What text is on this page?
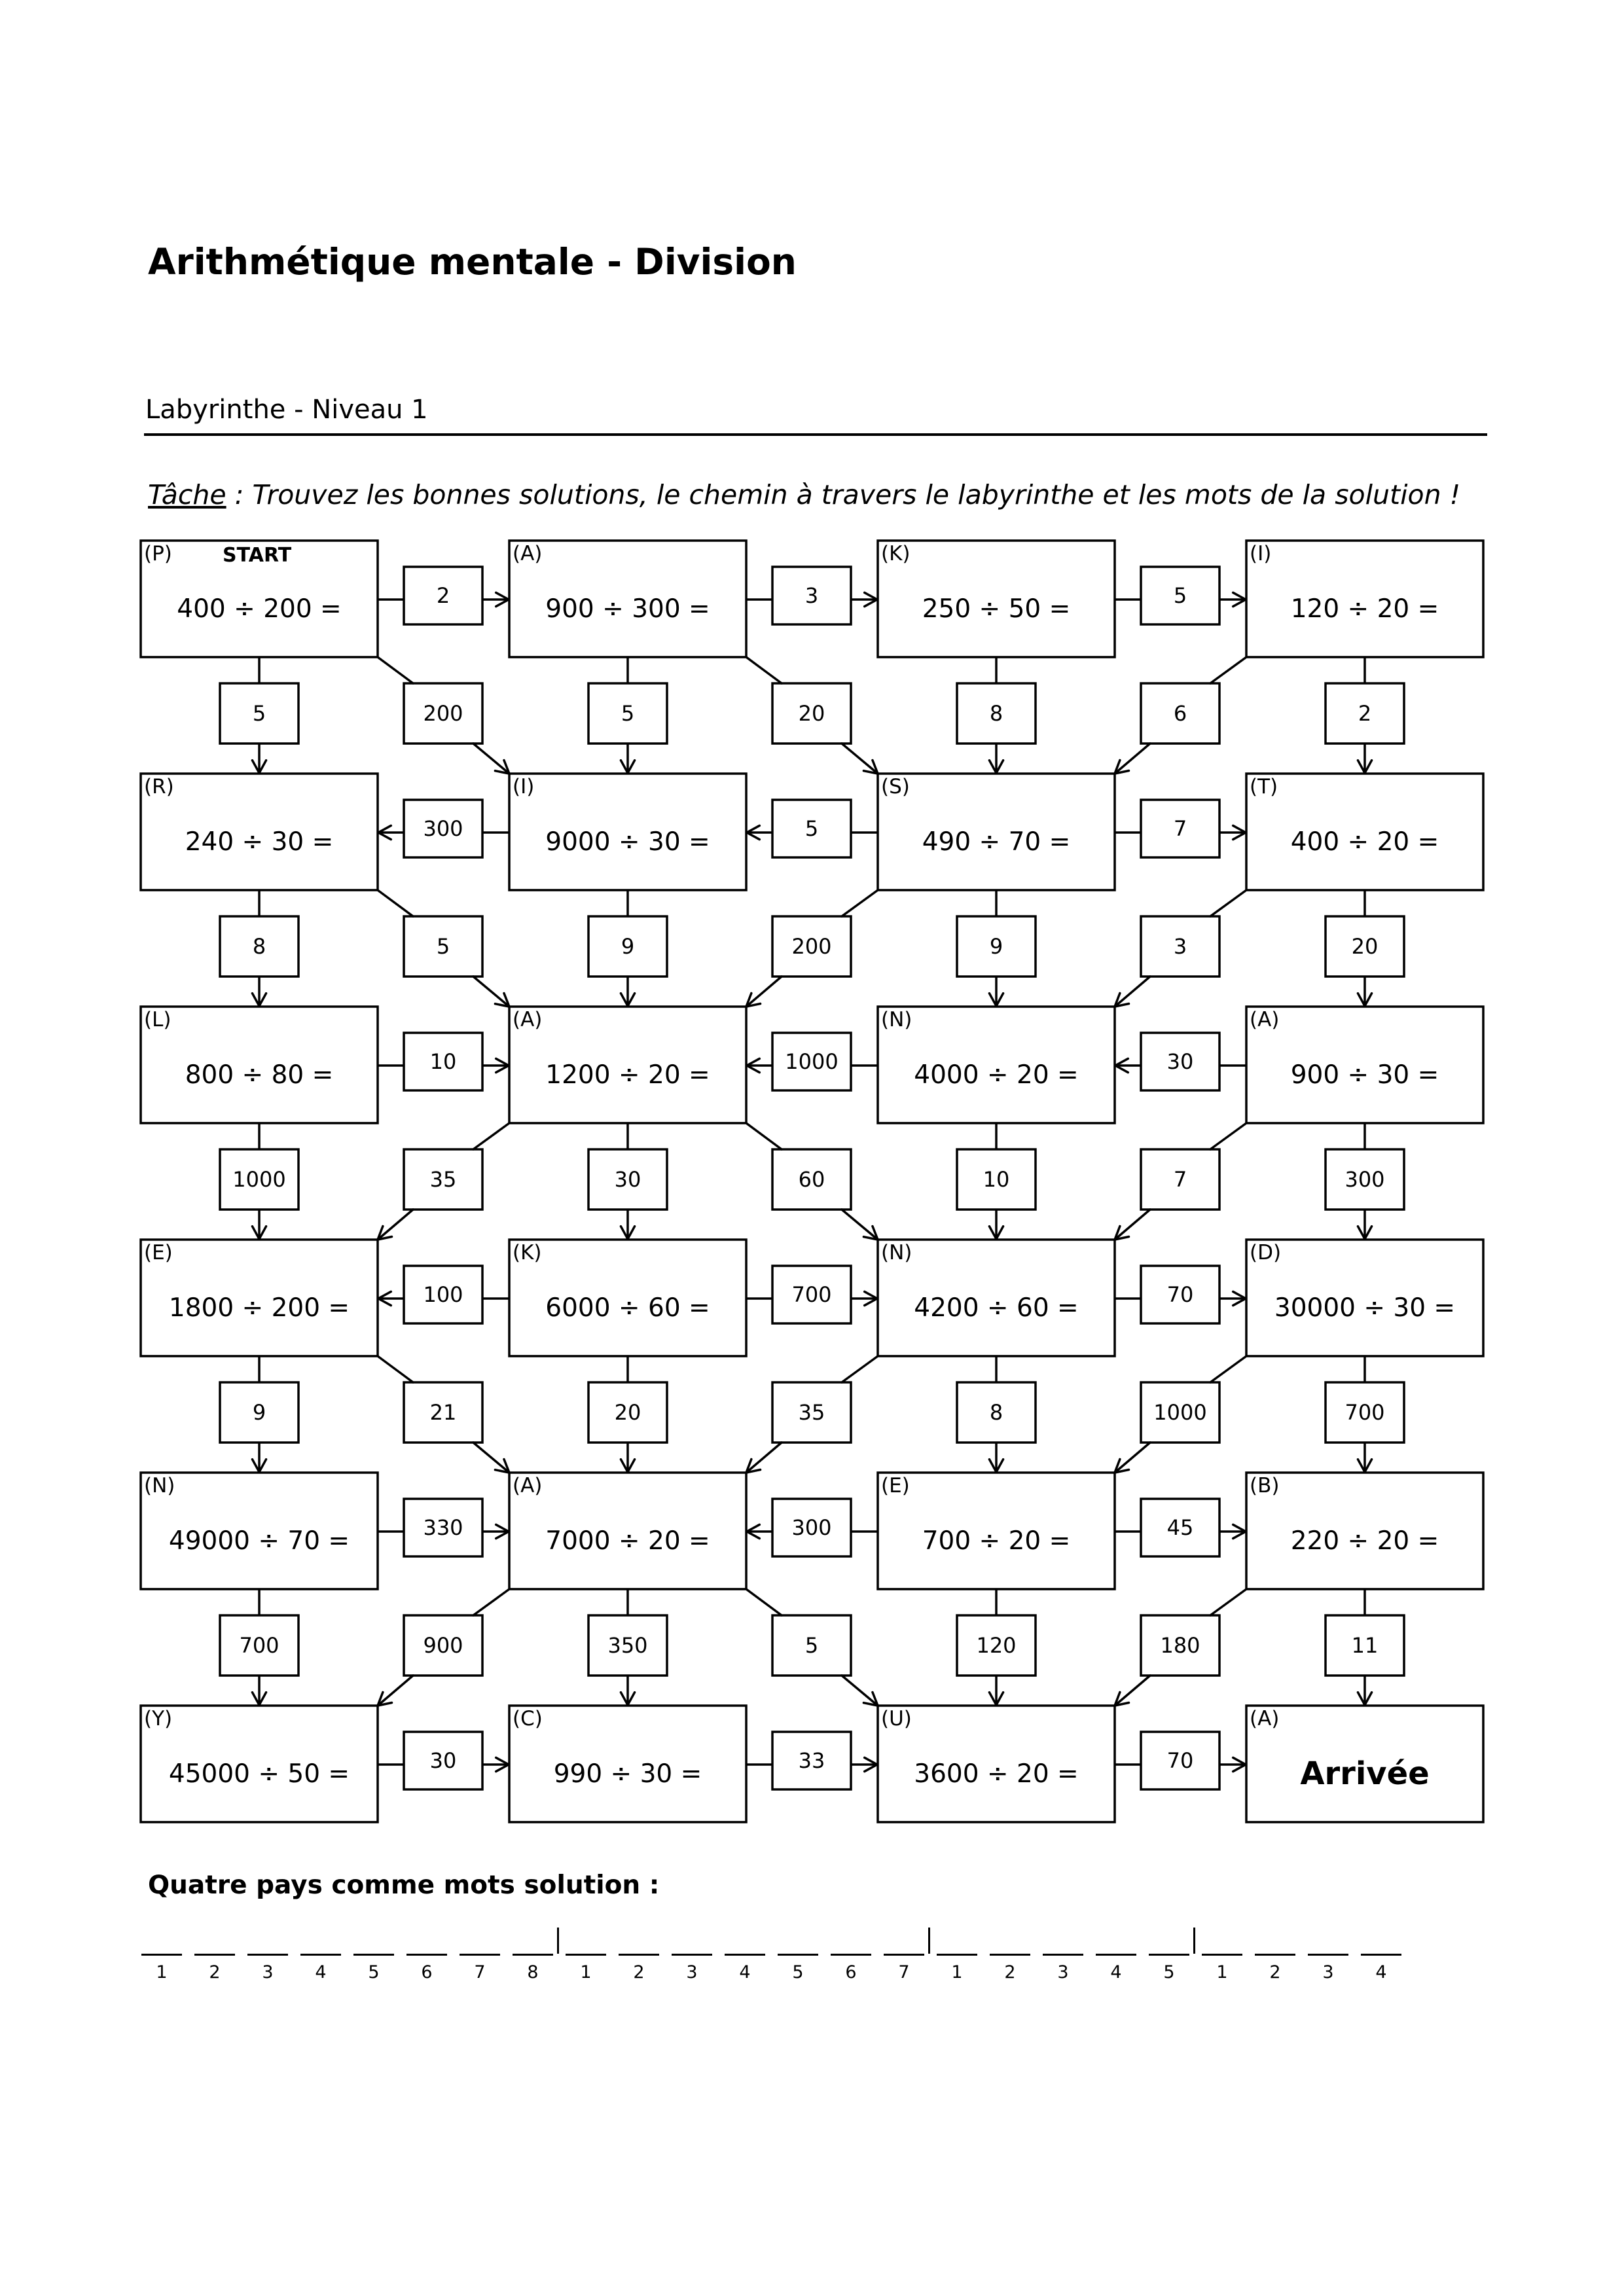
Arithmétique mentale - Division
Labyrinthe - Niveau 1
Tâche : Trouvez les bonnes solutions, le chemin à travers le labyrinthe et les mots de la solution !
2	3	5
300	5	7
10	1000	30
100	700	70
330	300	45
30	33	70
5	5	8	2
200	20	6
8	9	9	20
5	200	3
1000	30	10	300
35	60	7
9	20	8	700
21	35	1000
700	350	120	11
900	5	180
(P)
400 ÷ 200 =
(A)
900 ÷ 300 =
(K)
250 ÷ 50 =
(I)
120 ÷ 20 =
(R)
240 ÷ 30 =
(I)
9000 ÷ 30 =
(S)
490 ÷ 70 =
(T)
400 ÷ 20 =
(L)
800 ÷ 80 =
(A)
1200 ÷ 20 =
(N)
4000 ÷ 20 =
(A)
900 ÷ 30 =
(E)
1800 ÷ 200 =
(K)
6000 ÷ 60 =
(N)
4200 ÷ 60 =
(D)
30000 ÷ 30 =
(N)
49000 ÷ 70 =
(A)
7000 ÷ 20 =
(E)
700 ÷ 20 =
(B)
220 ÷ 20 =
(Y)
45000 ÷ 50 =
(C)
990 ÷ 30 =
(U)
3600 ÷ 20 =
(A)
Arrivée
START
Quatre pays comme mots solution :
1	2	3	4	5	6	7	8	1	2	3	4	5	6	7	1	2	3	4	5	1	2	3	4
